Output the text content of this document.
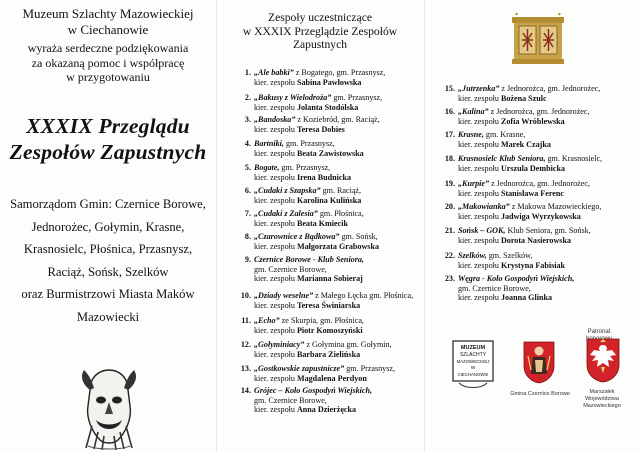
Muzeum Szlachty Mazowieckiej
w Ciechanowie
wyraża serdeczne podziękowania
za okazaną pomoc i współpracę
w przygotowaniu
XXXIX Przeglądu
Zespołów Zapustnych
Samorządom Gmin: Czernice Borowe,
Jednorożec, Gołymin, Krasne,
Krasnosielc, Płośnica, Przasnysz,
Raciąż, Sońsk, Szelków
oraz Burmistrzowi Miasta Maków
Mazowiecki
Zespoły uczestniczące
w XXXIX Przeglądzie Zespołów
Zapustnych
1. „Ale babki” z Bogatego, gm. Przasnysz,
kier. zespołu Sabina Pawłowska
2. „Bakusy z Wielodroża” gm. Przasnysz,
kier. zespołu Jolanta Stodólska
3. „Bandoska” z Koziebród, gm. Raciąż,
kier. zespołu Teresa Dobies
4. Bartniki, gm. Przasnysz,
kier. zespołu Beata Zawistowska
5. Bogate, gm. Przasnysz,
kier. zespołu Irena Budnicka
6. „Cudaki z Szapska” gm. Raciąż,
kier. zespołu Karolina Kulińska
7. „Cudaki z Zalesia” gm. Płośnica,
kier. zespołu Beata Kmiecik
8. „Czarownice z Bądkowa” gm. Sońsk,
kier. zespołu Małgorzata Grabowska
9. Czernice Borowe - Klub Seniora,
gm. Czernice Borowe,
kier. zespołu Marianna Sobieraj
10. „Dziady weselne” z Małego Łęcka gm. Płośnica, kier. zespołu Teresa Świniarska
11. „Echo” ze Skurpia, gm. Płośnica,
kier. zespołu Piotr Komoszyński
12. „Gołyminiacy” z Gołymina gm. Gołymin,
kier. zespołu Barbara Zielińska
13. „Gostkowskie zapustnicze” gm. Przasnysz,
kier. zespołu Magdalena Perdyon
14. Grójec – Koło Gospodyń Wiejskich,
gm. Czernice Borowe,
kier. zespołu Anna Dzierżęcka
15. „Jutrzenka” z Jednorożca, gm. Jednorożec,
kier. zespołu Bożena Szulc
16. „Kalina” z Jednorożca, gm. Jednorożec,
kier. zespołu Zofia Wróblewska
17. Krasne, gm. Krasne,
kier. zespołu Marek Czajka
18. Krasnosielc Klub Seniora, gm. Krasnosielc,
kier. zespołu Urszula Dembicka
19. „Kurpie” z Jednorożca, gm. Jednorożec,
kier. zespołu Stanisława Ferenc
20. „Makowianka” z Makowa Mazowieckiego,
kier. zespołu Jadwiga Wyrzykowska
21. Sońsk – GOK, Klub Seniora, gm. Sońsk,
kier. zespołu Dorota Nasierowska
22. Szelków, gm. Szelków,
kier. zespołu Krystyna Fabisiak
23. Węgra - Koło Gospodyń Wiejskich,
gm. Czernice Borowe,
kier. zespołu Joanna Glinka
Patronat
MUZEUM
SZLACHTY
MAZOWIECKIEJ
W
CIECHANOWIE
Gmina Czernice Borowe	Marszałek
Województwa
Mazowieckiego
